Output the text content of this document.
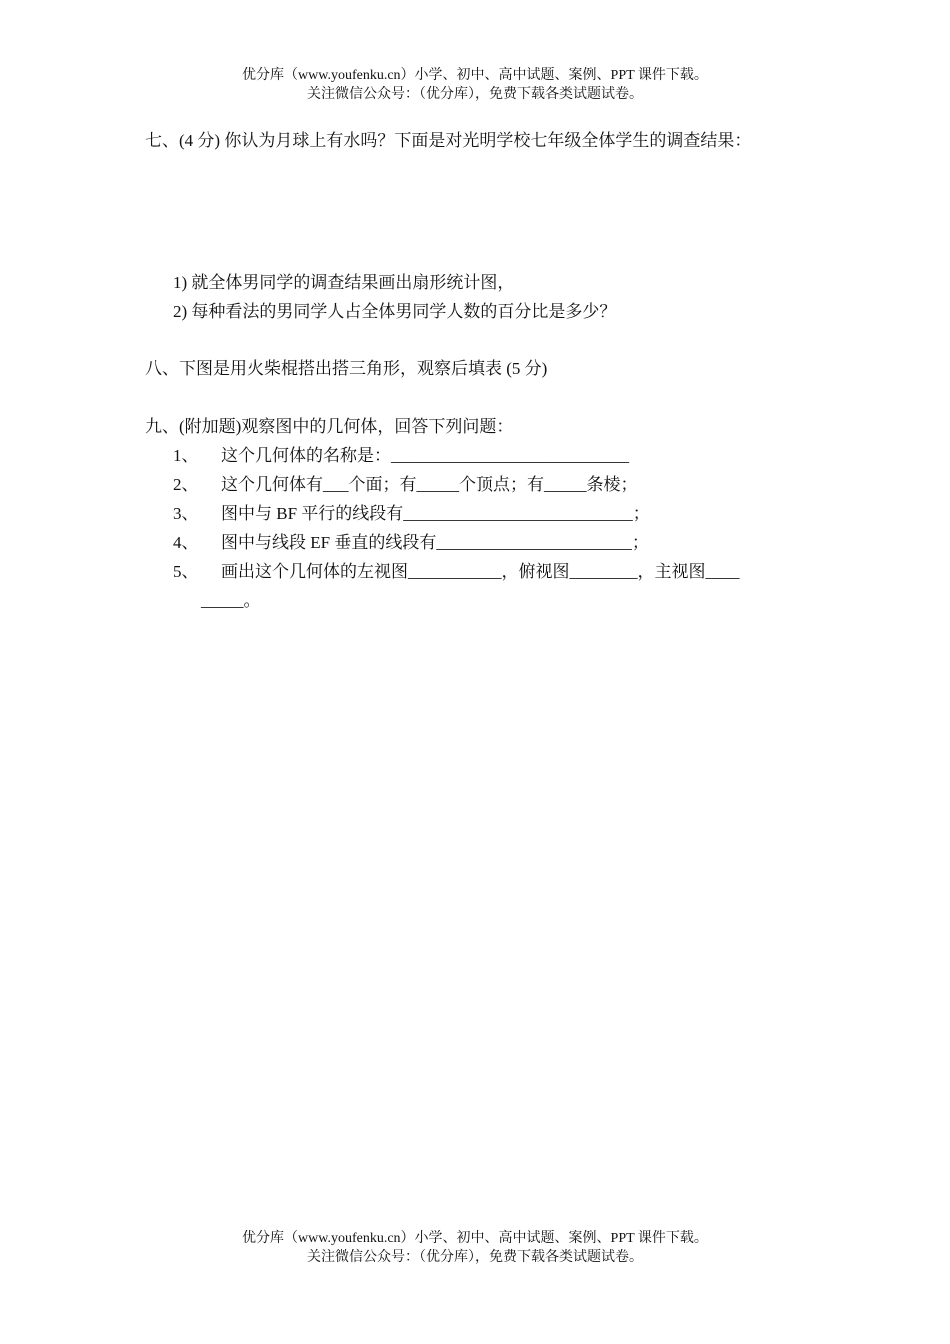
优分库（www.youfenku.cn）小学、初中、高中试题、案例、PPT 课件下载。
关注微信公众号：（优分库），免费下载各类试题试卷。
七、(4 分) 你认为月球上有水吗？下面是对光明学校七年级全体学生的调查结果：
1) 就全体男同学的调查结果画出扇形统计图，
2) 每种看法的男同学人占全体男同学人数的百分比是多少？
八、下图是用火柴棍搭出搭三角形，观察后填表 (5 分)
九、(附加题)观察图中的几何体，回答下列问题：
1、	这个几何体的名称是：____________________________
2、	这个几何体有___个面；有_____个顶点；有_____条棱；
3、	图中与 BF 平行的线段有___________________________；
4、	图中与线段 EF 垂直的线段有_______________________；
5、	画出这个几何体的左视图___________，俯视图________，主视图____
_____。
优分库（www.youfenku.cn）小学、初中、高中试题、案例、PPT 课件下载。
关注微信公众号：（优分库），免费下载各类试题试卷。
